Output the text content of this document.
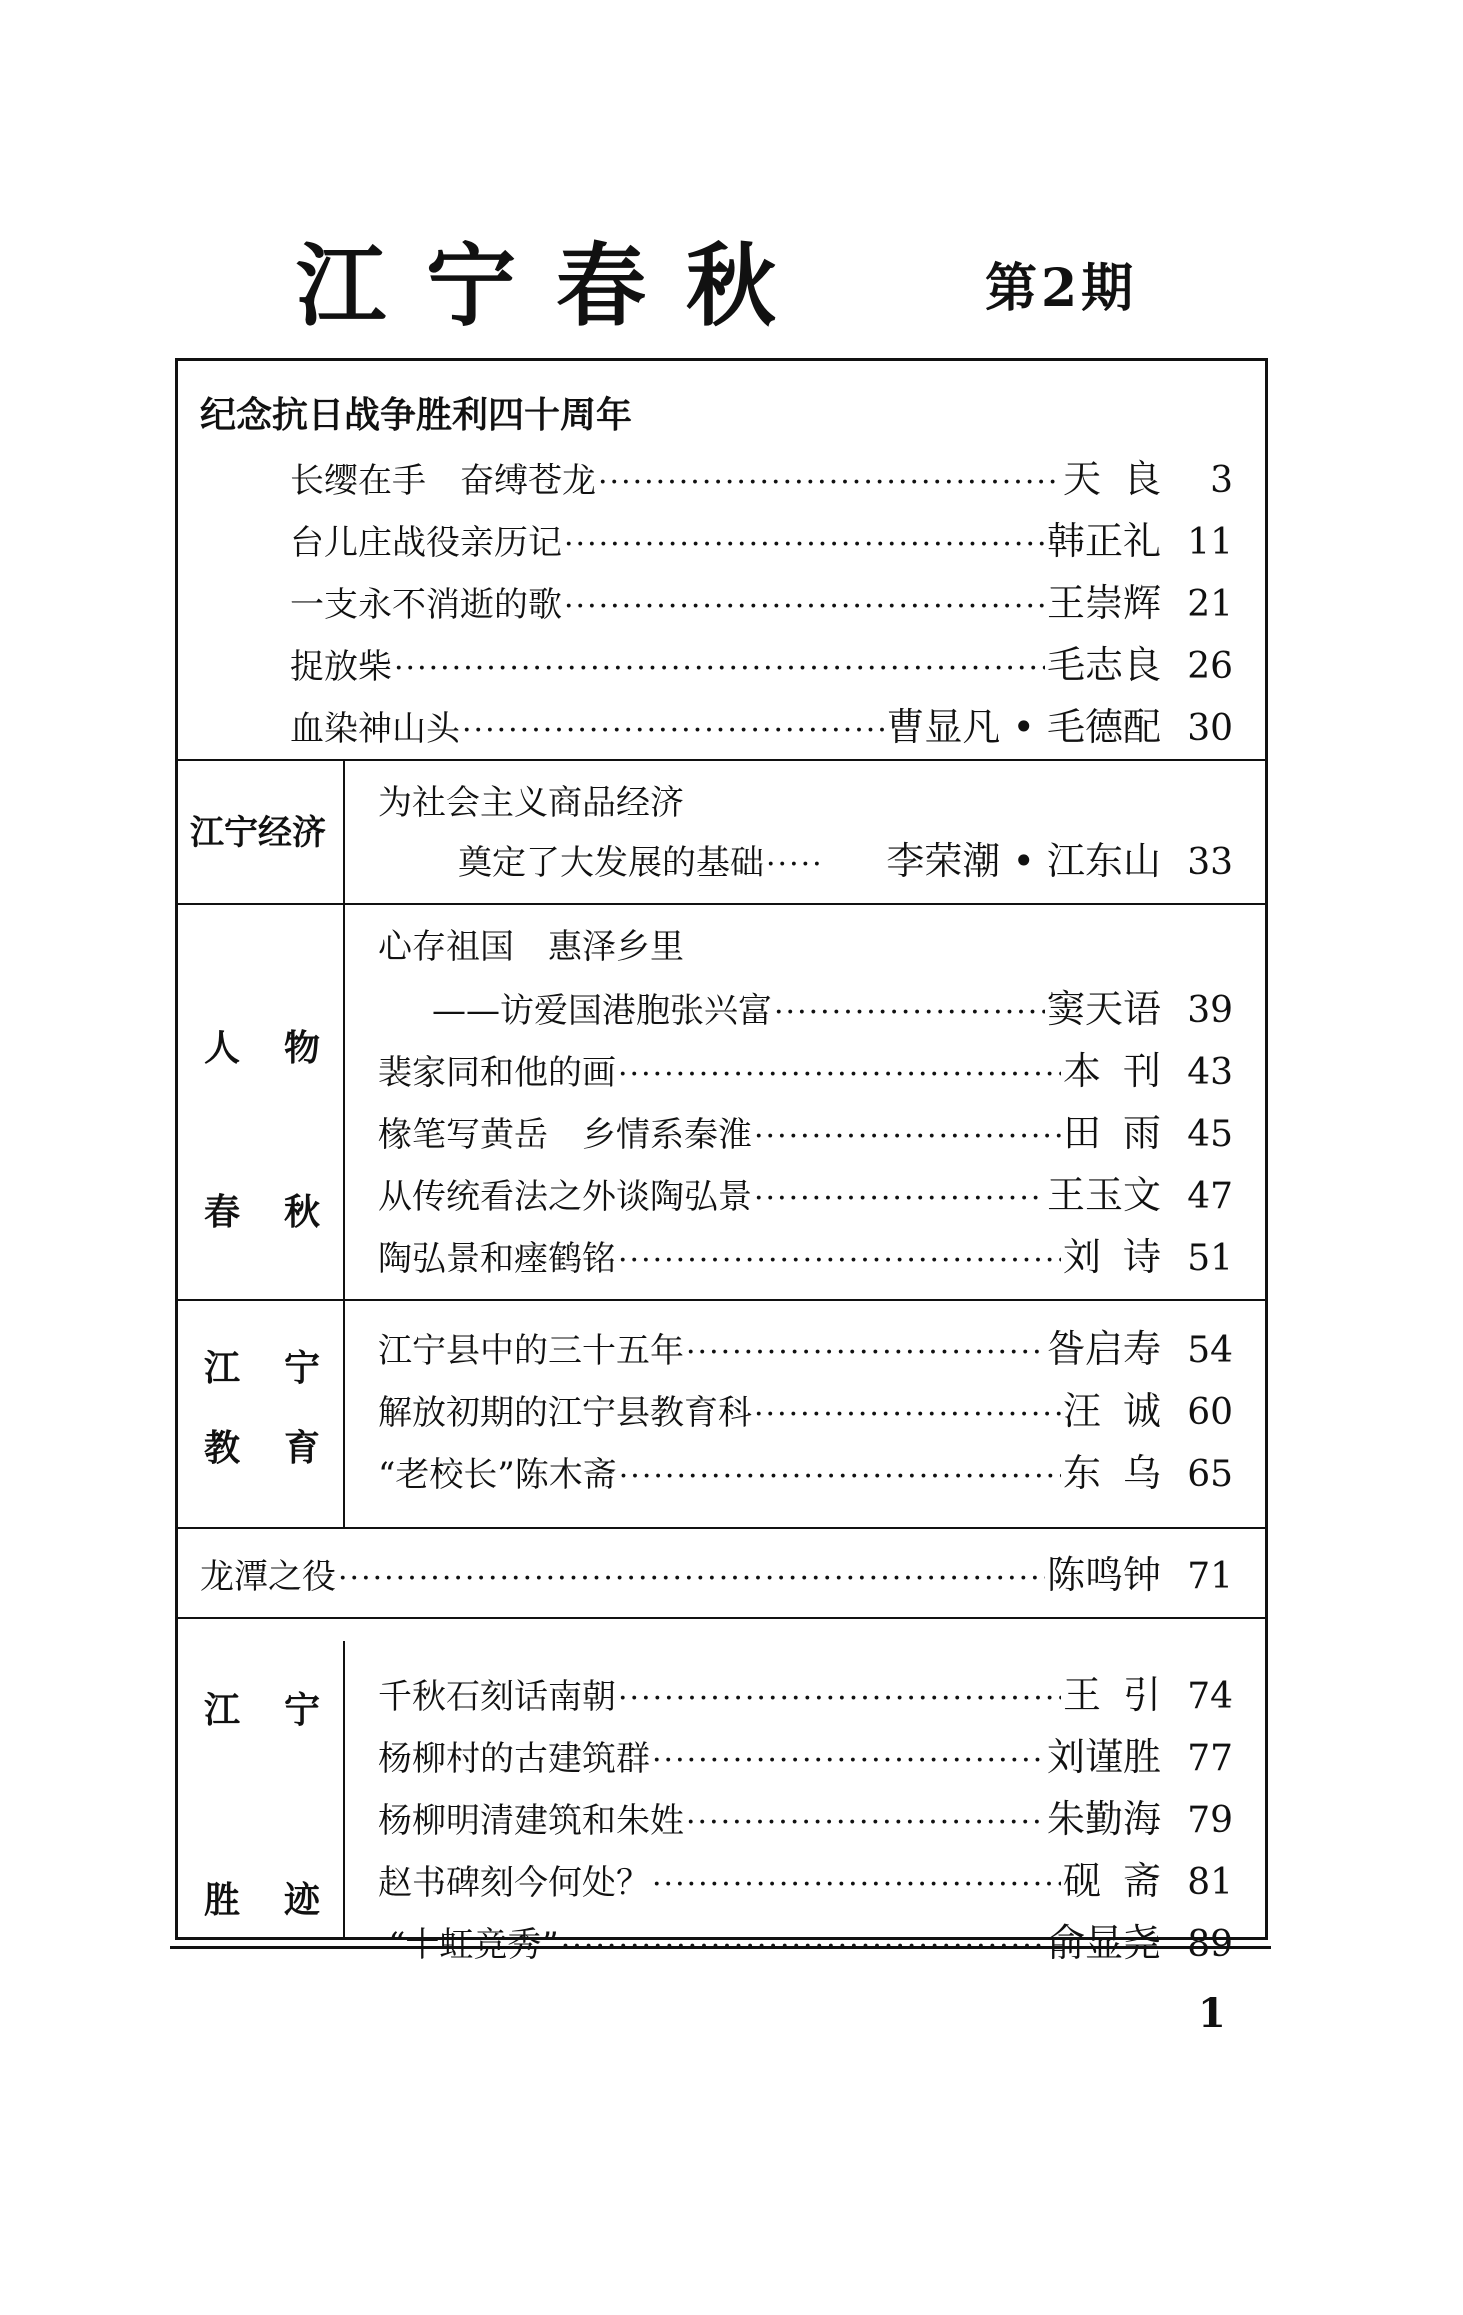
江宁春秋	第2期
纪念抗日战争胜利四十周年
长缨在手　奋缚苍龙 ·····	天良 3
台儿庄战役亲历记 ·····	韩正礼 11
一支永不消逝的歌 ·····	王崇辉 21
捉放柴 ·····	毛志良 26
血染神山头 ·····	曹显凡 • 毛德配 30
江宁经济
为社会主义商品经济
奠定了大发展的基础 ·····	李荣潮 • 江东山 33
人 物
春 秋
心存祖国　惠泽乡里
——访爱国港胞张兴富 ·····	窦天语 39
裴家同和他的画 ·····	本刊 43
椽笔写黄岳　乡情系秦淮 ·····	田雨 45
从传统看法之外谈陶弘景 ·····	王玉文 47
陶弘景和瘗鹤铭 ·····	刘诗 51
江 宁
教 育
江宁县中的三十五年 ·····	昝启寿 54
解放初期的江宁县教育科 ·····	汪诚 60
“老校长”陈木斋 ·····	东乌 65
龙潭之役 ·····	陈鸣钟 71
江 宁
胜 迹
千秋石刻话南朝 ·····	王引 74
杨柳村的古建筑群 ·····	刘谨胜 77
杨柳明清建筑和朱姓 ·····	朱勤海 79
赵书碑刻今何处？ ·····	砚斋 81
“十虹竞秀” ·····	俞显尧 89
1
